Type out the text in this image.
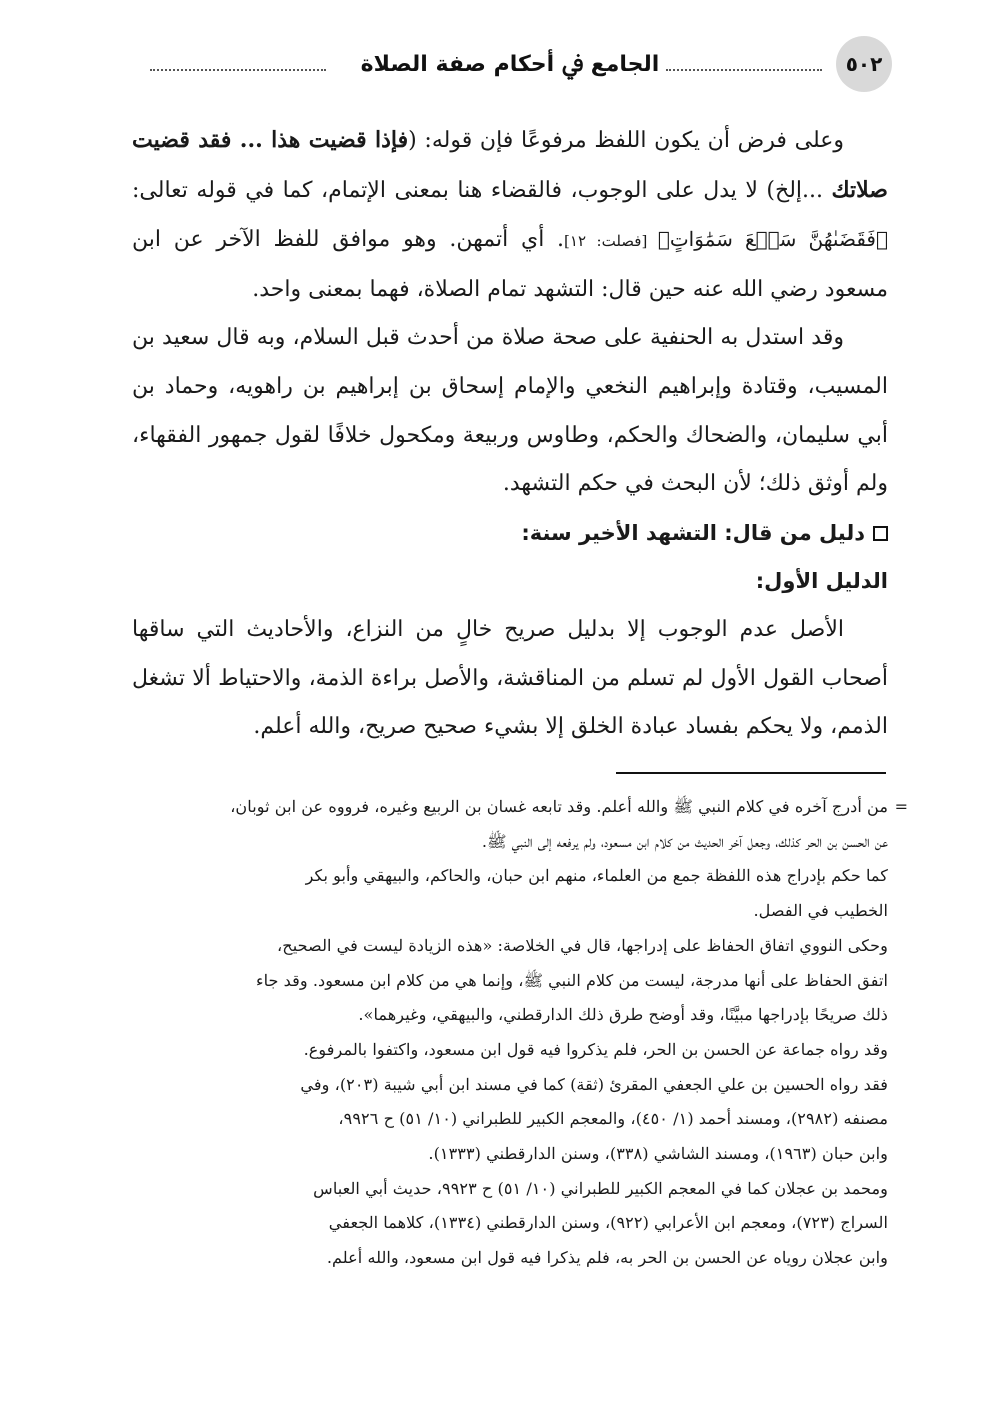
٥٠٢
الجامع ﰲ أحكام صفة الصلاة

وعلى فرض أن يكون اللفظ مرفوعًا فإن قوله: (فإذا قضيت هذا ... فقد قضيت صلاتك ...إلخ) لا يدل على الوجوب، فالقضاء هنا بمعنى الإتمام، كما في قوله تعالى: ﴿فَقَضَىٰهُنَّ سَبۡعَ سَمَٰوَاتٍ﴾ [فصلت: ١٢]. أي أتمهن. وهو موافق للفظ الآخر عن ابن مسعود رضي الله عنه حين قال: التشهد تمام الصلاة، فهما بمعنى واحد.

وقد استدل به الحنفية على صحة صلاة من أحدث قبل السلام، وبه قال سعيد بن المسيب، وقتادة وإبراهيم النخعي والإمام إسحاق بن إبراهيم بن راهويه، وحماد بن أبي سليمان، والضحاك والحكم، وطاوس وربيعة ومكحول خلافًا لقول جمهور الفقهاء، ولم أوثق ذلك؛ لأن البحث في حكم التشهد.

دليل من قال: التشهد الأخير سنة:

الدليل الأول:

الأصل عدم الوجوب إلا بدليل صريح خالٍ من النزاع، والأحاديث التي ساقها أصحاب القول الأول لم تسلم من المناقشة، والأصل براءة الذمة، والاحتياط ألا تشغل الذمم، ولا يحكم بفساد عبادة الخلق إلا بشيء صحيح صريح، والله أعلم.

=

من أدرج آخره في كلام النبي ﷺ والله أعلم. وقد تابعه غسان بن الربيع وغيره، فرووه عن ابن ثوبان،

عن الحسن بن الحر كذلك، وجعل آخر الحديث من كلام ابن مسعود، ولم يرفعه إلى النبي ﷺ.

كما حكم بإدراج هذه اللفظة جمع من العلماء، منهم ابن حبان، والحاكم، والبيهقي وأبو بكر

الخطيب في الفصل.

وحكى النووي اتفاق الحفاظ على إدراجها، قال في الخلاصة: «هذه الزيادة ليست في الصحيح،

اتفق الحفاظ على أنها مدرجة، ليست من كلام النبي ﷺ، وإنما هي من كلام ابن مسعود. وقد جاء

ذلك صريحًا بإدراجها مبيَّنًا، وقد أوضح طرق ذلك الدارقطني، والبيهقي، وغيرهما».

وقد رواه جماعة عن الحسن بن الحر، فلم يذكروا فيه قول ابن مسعود، واكتفوا بالمرفوع.

فقد رواه الحسين بن علي الجعفي المقرئ (ثقة) كما في مسند ابن أبي شيبة (٢٠٣)، وفي

مصنفه (٢٩٨٢)، ومسند أحمد (١/ ٤٥٠)، والمعجم الكبير للطبراني (١٠/ ٥١) ح ٩٩٢٦،

وابن حبان (١٩٦٣)، ومسند الشاشي (٣٣٨)، وسنن الدارقطني (١٣٣٣).

ومحمد بن عجلان كما في المعجم الكبير للطبراني (١٠/ ٥١) ح ٩٩٢٣، حديث أبي العباس

السراج (٧٢٣)، ومعجم ابن الأعرابي (٩٢٢)، وسنن الدارقطني (١٣٣٤)، كلاهما الجعفي

وابن عجلان روياه عن الحسن بن الحر به، فلم يذكرا فيه قول ابن مسعود، والله أعلم.
